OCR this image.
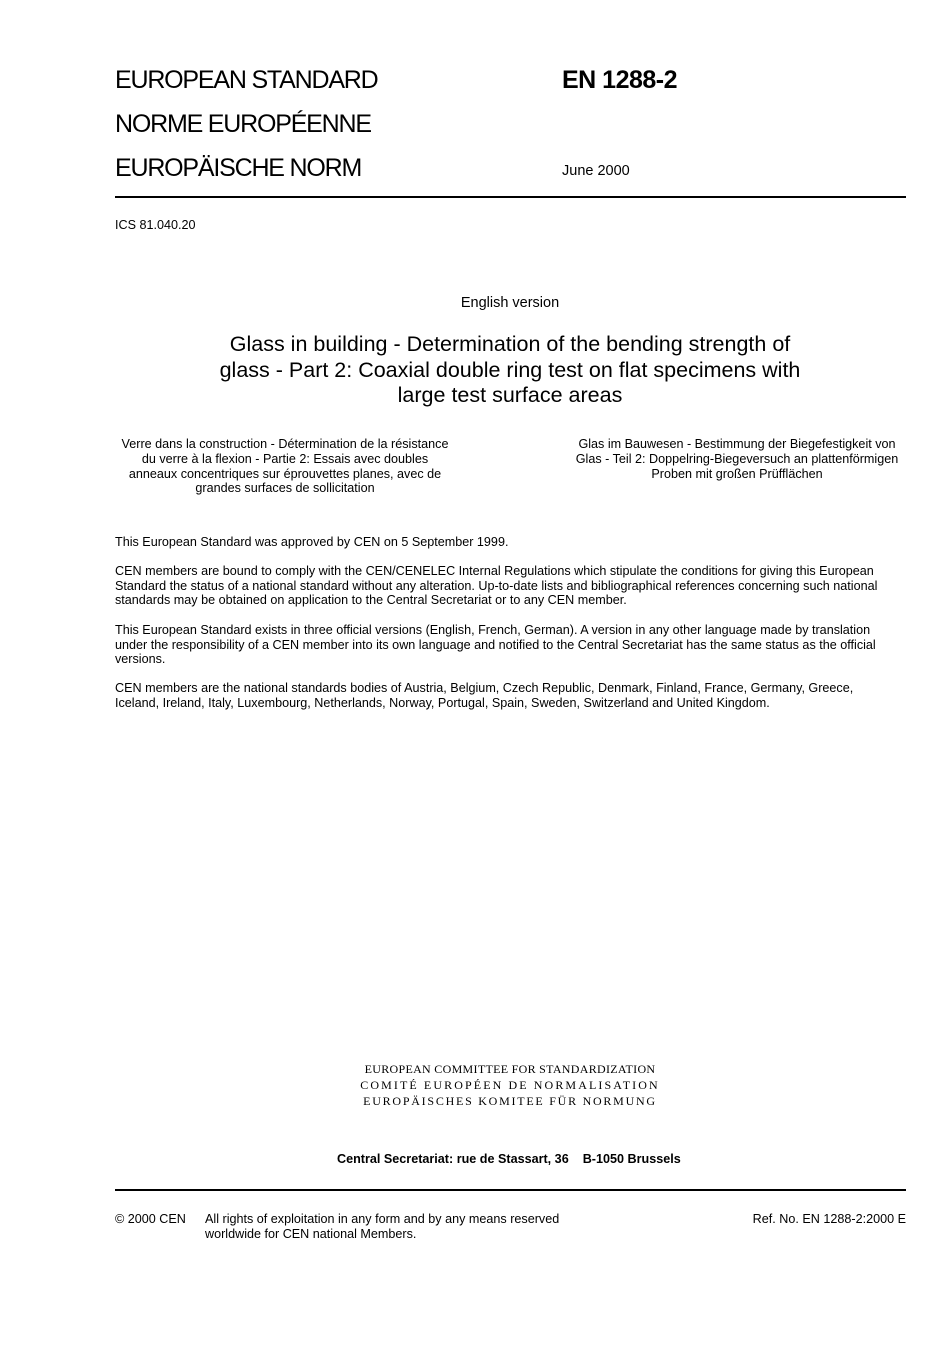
EUROPEAN STANDARD
NORME EUROPÉENNE
EUROPÄISCHE NORM
EN 1288-2
June 2000
ICS 81.040.20
English version
Glass in building - Determination of the bending strength of
glass - Part 2: Coaxial double ring test on flat specimens with
large test surface areas
Verre dans la construction - Détermination de la résistance
du verre à la flexion - Partie 2: Essais avec doubles
anneaux concentriques sur éprouvettes planes, avec de
grandes surfaces de sollicitation
Glas im Bauwesen - Bestimmung der Biegefestigkeit von
Glas - Teil 2: Doppelring-Biegeversuch an plattenförmigen
Proben mit großen Prüfflächen
This European Standard was approved by CEN on 5 September 1999.
CEN members are bound to comply with the CEN/CENELEC Internal Regulations which stipulate the conditions for giving this European
Standard the status of a national standard without any alteration. Up-to-date lists and bibliographical references concerning such national
standards may be obtained on application to the Central Secretariat or to any CEN member.
This European Standard exists in three official versions (English, French, German). A version in any other language made by translation
under the responsibility of a CEN member into its own language and notified to the Central Secretariat has the same status as the official
versions.
CEN members are the national standards bodies of Austria, Belgium, Czech Republic, Denmark, Finland, France, Germany, Greece,
Iceland, Ireland, Italy, Luxembourg, Netherlands, Norway, Portugal, Spain, Sweden, Switzerland and United Kingdom.
EUROPEAN COMMITTEE FOR STANDARDIZATION
COMITÉ EUROPÉEN DE NORMALISATION
EUROPÄISCHES KOMITEE FÜR NORMUNG
Central Secretariat: rue de Stassart, 36 B-1050 Brussels
© 2000 CEN All rights of exploitation in any form and by any means reserved
worldwide for CEN national Members.
Ref. No. EN 1288-2:2000 E
